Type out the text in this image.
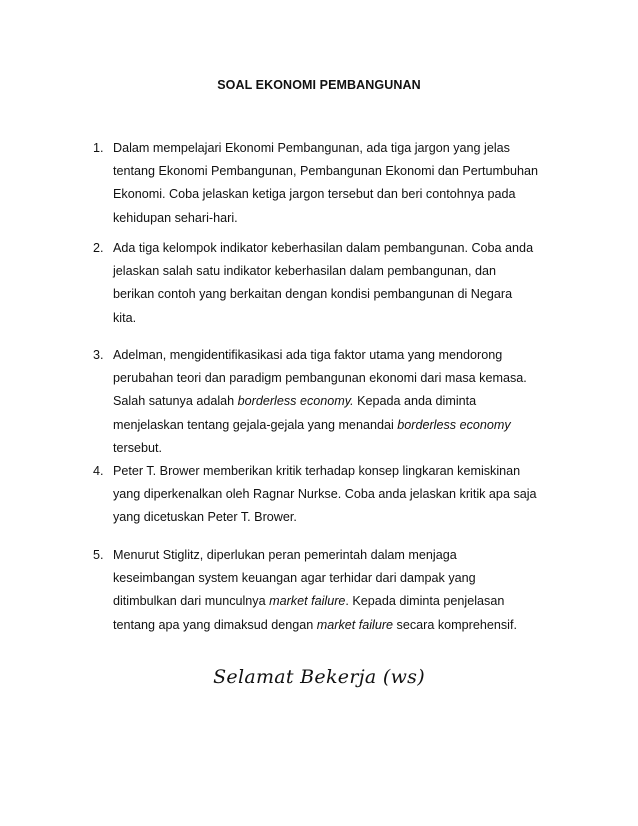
SOAL EKONOMI PEMBANGUNAN
1. Dalam mempelajari Ekonomi Pembangunan, ada tiga jargon yang jelas
tentang Ekonomi Pembangunan, Pembangunan Ekonomi dan Pertumbuhan
Ekonomi. Coba jelaskan ketiga jargon tersebut dan beri contohnya pada
kehidupan sehari-hari.
2. Ada tiga kelompok indikator keberhasilan dalam pembangunan. Coba anda
jelaskan salah satu indikator keberhasilan dalam pembangunan, dan
berikan contoh yang berkaitan dengan kondisi pembangunan di Negara
kita.
3. Adelman, mengidentifikasikasi ada tiga faktor utama yang mendorong
perubahan teori dan paradigm pembangunan ekonomi dari masa kemasa.
Salah satunya adalah borderless economy. Kepada anda diminta
menjelaskan tentang gejala-gejala yang menandai borderless economy
tersebut.
4. Peter T. Brower memberikan kritik terhadap konsep lingkaran kemiskinan
yang diperkenalkan oleh Ragnar Nurkse. Coba anda jelaskan kritik apa saja
yang dicetuskan Peter T. Brower.
5. Menurut Stiglitz, diperlukan peran pemerintah dalam menjaga
keseimbangan system keuangan agar terhidar dari dampak yang
ditimbulkan dari munculnya market failure. Kepada diminta penjelasan
tentang apa yang dimaksud dengan market failure secara komprehensif.
Selamat Bekerja (ws)
